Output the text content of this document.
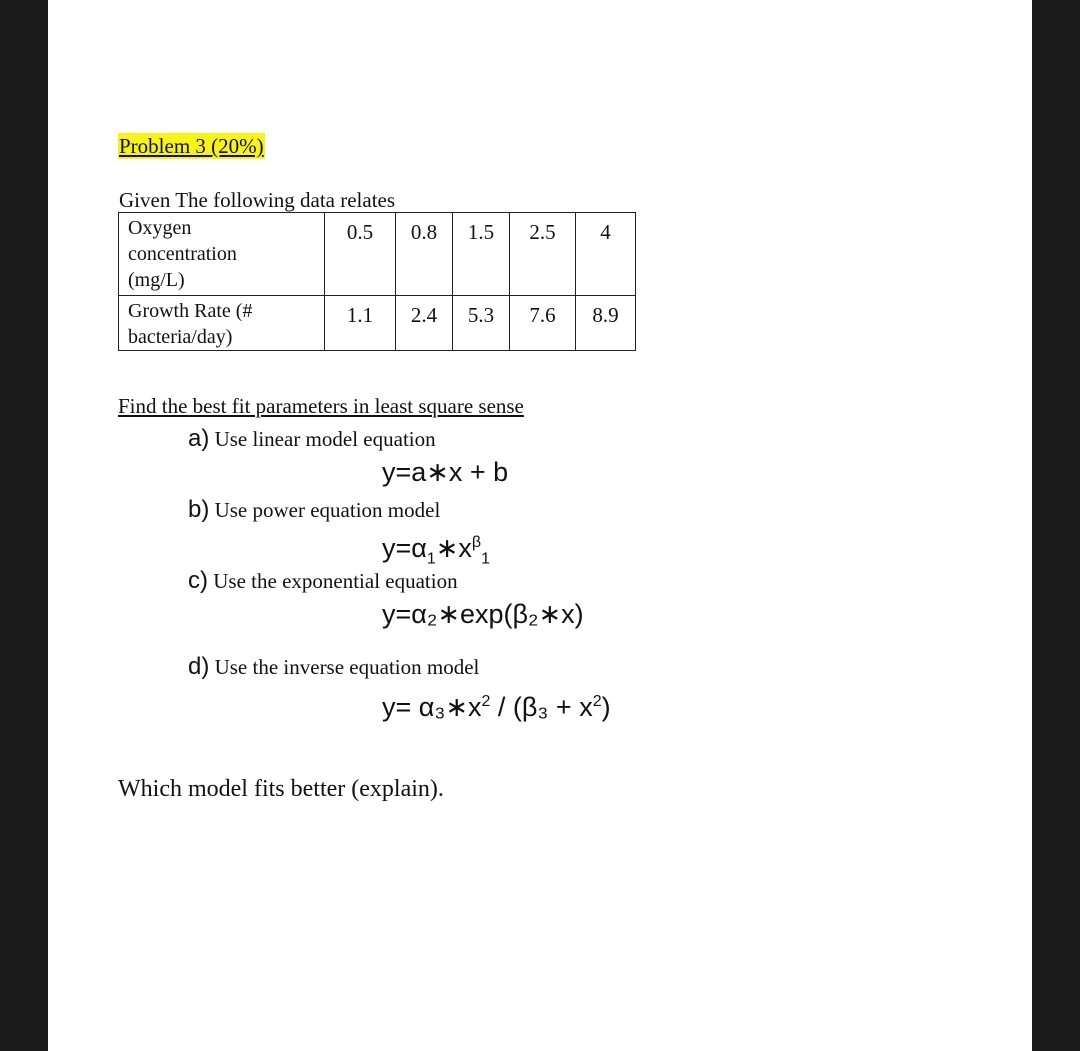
Problem 3 (20%)
Given The following data relates
Oxygen
concentration
(mg/L)	0.5	0.8	1.5	2.5	4

Growth Rate (#
bacteria/day)	1.1	2.4	5.3	7.6	8.9
Find the best fit parameters in least square sense
a) Use linear model equation
y=a∗x + b
b) Use power equation model
$y=\alpha_1∗x^\beta_1$
c) Use the exponential equation
y=α₂∗exp(β₂∗x)
d) Use the inverse equation model
$y= \alpha_3∗x^2 / (\beta_3 + x^2)$
Which model fits better (explain).
